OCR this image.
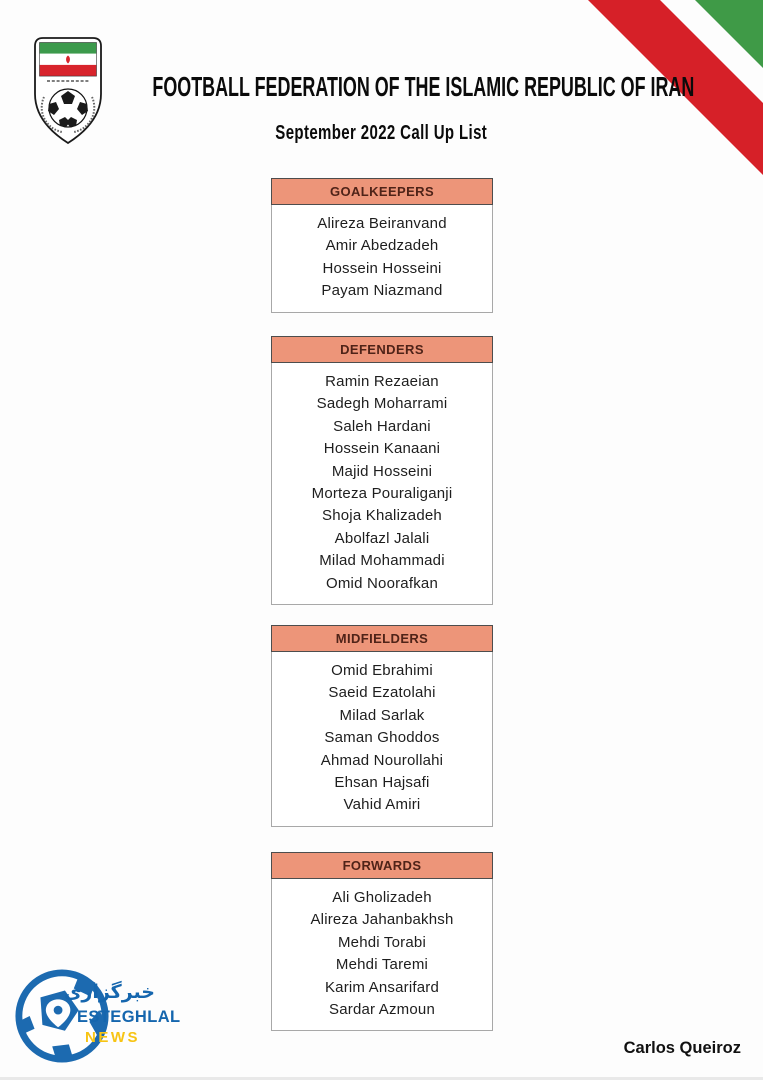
FOOTBALL FEDERATION OF THE ISLAMIC REPUBLIC OF IRAN
September 2022 Call Up List
GOALKEEPERS
Alireza Beiranvand
Amir Abedzadeh
Hossein Hosseini
Payam Niazmand
DEFENDERS
Ramin Rezaeian
Sadegh Moharrami
Saleh Hardani
Hossein Kanaani
Majid Hosseini
Morteza Pouraliganji
Shoja Khalizadeh
Abolfazl Jalali
Milad Mohammadi
Omid Noorafkan
MIDFIELDERS
Omid Ebrahimi
Saeid Ezatolahi
Milad Sarlak
Saman Ghoddos
Ahmad Nourollahi
Ehsan Hajsafi
Vahid Amiri
FORWARDS
Ali Gholizadeh
Alireza Jahanbakhsh
Mehdi Torabi
Mehdi Taremi
Karim Ansarifard
Sardar Azmoun
خبرگزاری
ESTEGHLAL
NEWS
Carlos Queiroz
